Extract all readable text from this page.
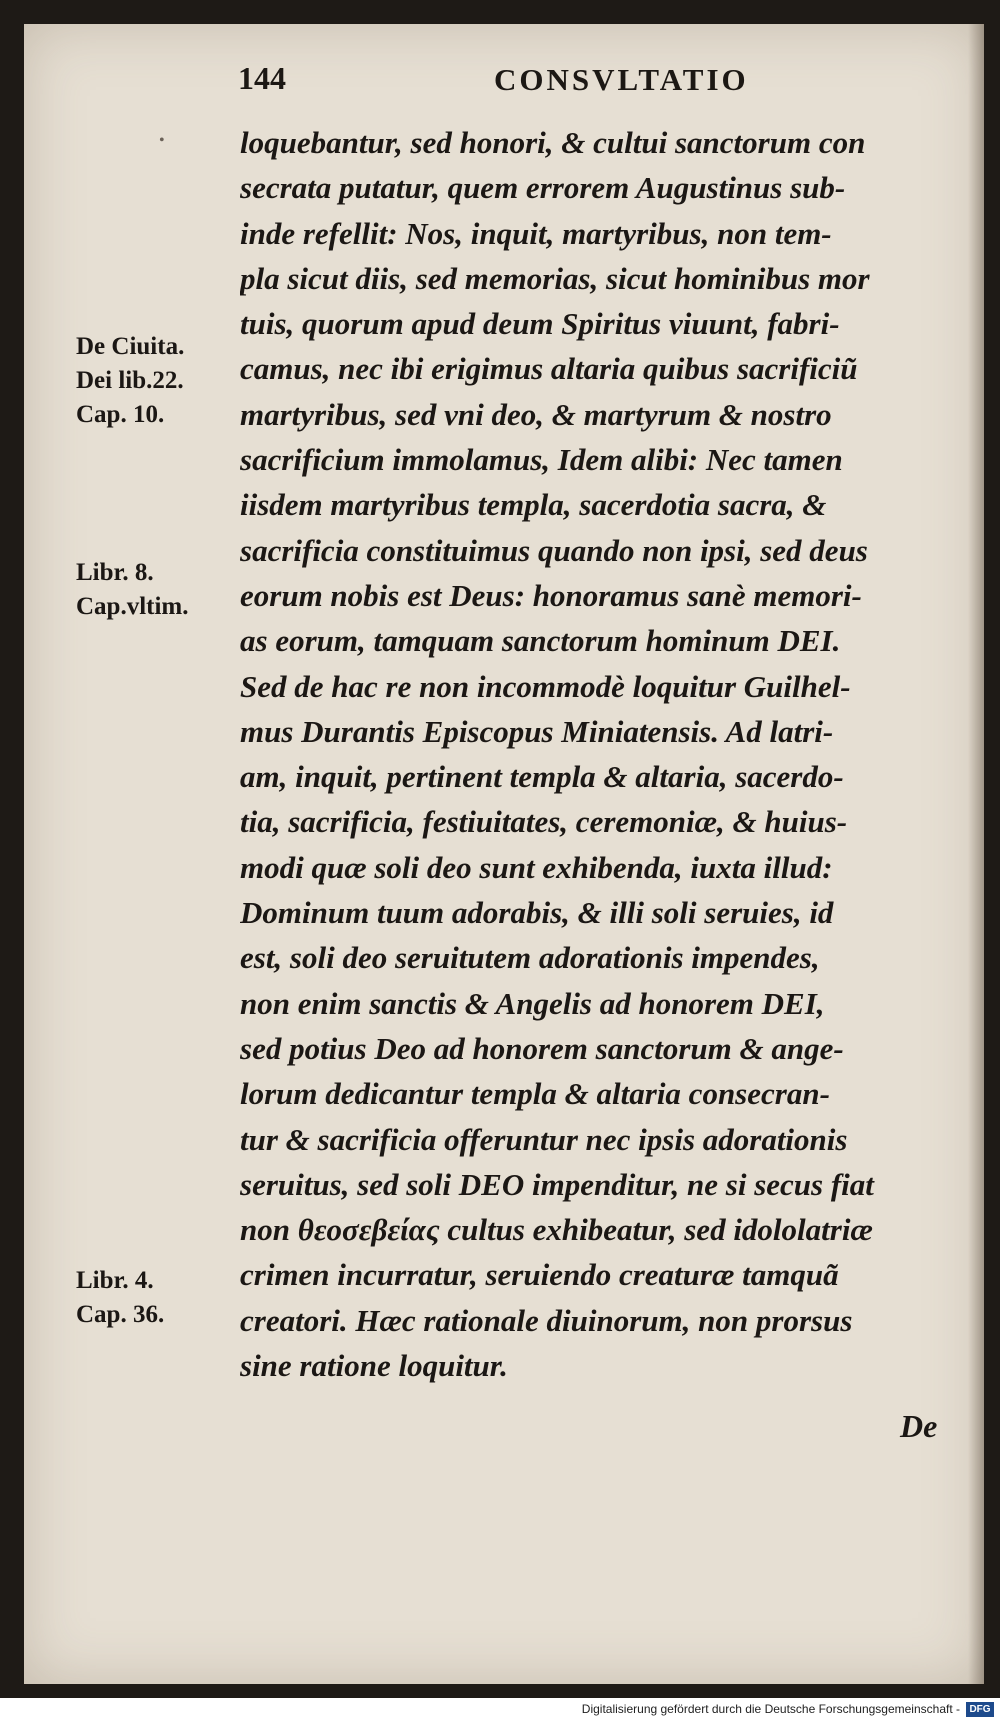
144	CONSVLTATIO
• loquebantur, sed honori, & cultui sanctorum con
secrata putatur, quem errorem Augustinus sub-
inde refellit: Nos, inquit, martyribus, non tem-
pla sicut diis, sed memorias, sicut hominibus mor
tuis, quorum apud deum Spiritus viuunt, fabri-
camus, nec ibi erigimus altaria quibus sacrificiũ
martyribus, sed vni deo, & martyrum & nostro
sacrificium immolamus, Idem alibi: Nec tamen
iisdem martyribus templa, sacerdotia sacra, &
sacrificia constituimus quando non ipsi, sed deus
eorum nobis est Deus: honoramus sanè memori-
as eorum, tamquam sanctorum hominum DEI.
Sed de hac re non incommodè loquitur Guilhel-
mus Durantis Episcopus Miniatensis. Ad latri-
am, inquit, pertinent templa & altaria, sacerdo-
tia, sacrificia, festiuitates, ceremoniæ, & huius-
modi quæ soli deo sunt exhibenda, iuxta illud:
Dominum tuum adorabis, & illi soli seruies, id
est, soli deo seruitutem adorationis impendes,
non enim sanctis & Angelis ad honorem DEI,
sed potius Deo ad honorem sanctorum & ange-
lorum dedicantur templa & altaria consecran-
tur & sacrificia offeruntur nec ipsis adorationis
seruitus, sed soli DEO impenditur, ne si secus fiat
non θεοσεβείας cultus exhibeatur, sed idololatriæ
crimen incurratur, seruiendo creaturæ tamquã
creatori. Hæc rationale diuinorum, non prorsus
sine ratione loquitur.
De Ciuita.
Dei lib.22.
Cap. 10.
Libr. 8.
Cap.vltim.
Libr. 4.
Cap. 36.
De
Digitalisierung gefördert durch die Deutsche Forschungsgemeinschaft - DFG
